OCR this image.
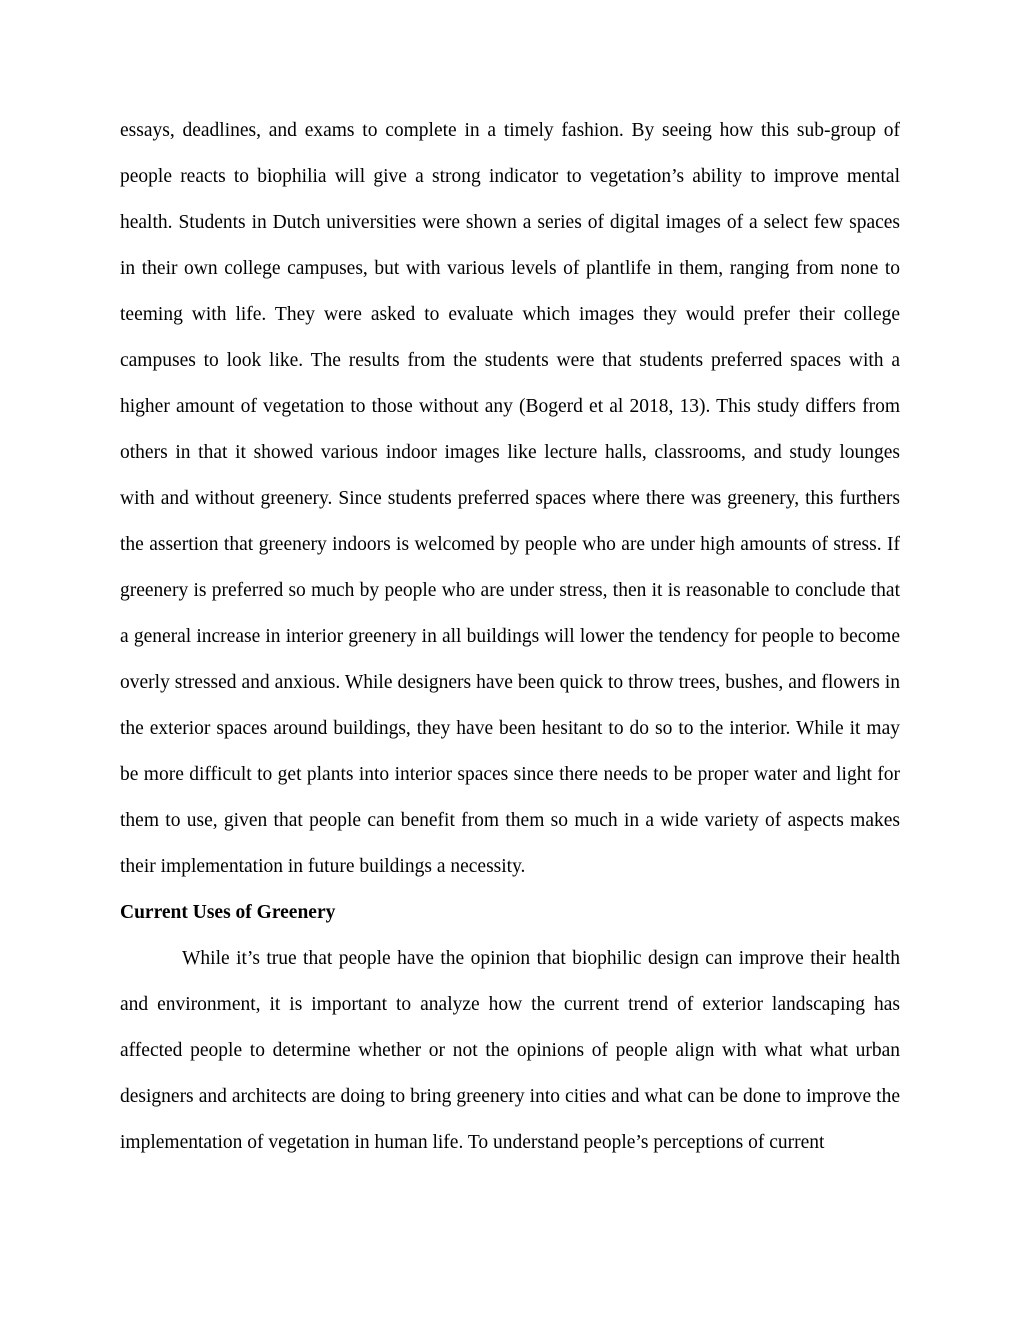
essays, deadlines, and exams to complete in a timely fashion. By seeing how this sub-group of people reacts to biophilia will give a strong indicator to vegetation’s ability to improve mental health. Students in Dutch universities were shown a series of digital images of a select few spaces in their own college campuses, but with various levels of plantlife in them, ranging from none to teeming with life. They were asked to evaluate which images they would prefer their college campuses to look like. The results from the students were that students preferred spaces with a higher amount of vegetation to those without any (Bogerd et al 2018, 13). This study differs from others in that it showed various indoor images like lecture halls, classrooms, and study lounges with and without greenery. Since students preferred spaces where there was greenery, this furthers the assertion that greenery indoors is welcomed by people who are under high amounts of stress. If greenery is preferred so much by people who are under stress, then it is reasonable to conclude that a general increase in interior greenery in all buildings will lower the tendency for people to become overly stressed and anxious. While designers have been quick to throw trees, bushes, and flowers in the exterior spaces around buildings, they have been hesitant to do so to the interior. While it may be more difficult to get plants into interior spaces since there needs to be proper water and light for them to use, given that people can benefit from them so much in a wide variety of aspects makes their implementation in future buildings a necessity.

Current Uses of Greenery

While it’s true that people have the opinion that biophilic design can improve their health and environment, it is important to analyze how the current trend of exterior landscaping has affected people to determine whether or not the opinions of people align with what what urban designers and architects are doing to bring greenery into cities and what can be done to improve the implementation of vegetation in human life. To understand people’s perceptions of current
